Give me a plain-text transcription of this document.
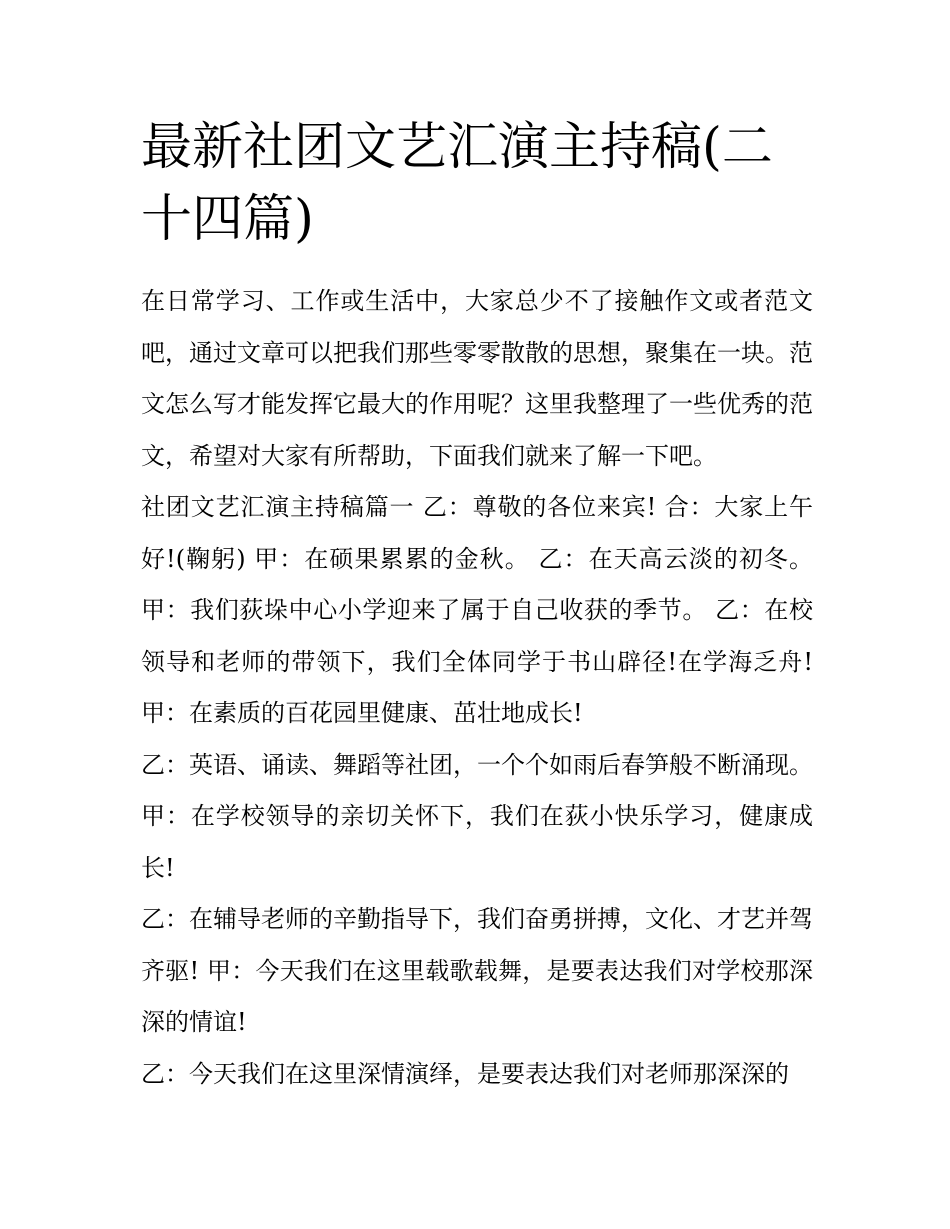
最新社团文艺汇演主持稿(二十四篇)

在日常学习、工作或生活中，大家总少不了接触作文或者范文吧，通过文章可以把我们那些零零散散的思想，聚集在一块。范文怎么写才能发挥它最大的作用呢？这里我整理了一些优秀的范文，希望对大家有所帮助，下面我们就来了解一下吧。

社团文艺汇演主持稿篇一 乙：尊敬的各位来宾! 合：大家上午好!(鞠躬) 甲：在硕果累累的金秋。 乙：在天高云淡的初冬。甲：我们荻垛中心小学迎来了属于自己收获的季节。 乙：在校领导和老师的带领下，我们全体同学于书山辟径!在学海乏舟! 甲：在素质的百花园里健康、茁壮地成长!

乙：英语、诵读、舞蹈等社团，一个个如雨后春笋般不断涌现。 甲：在学校领导的亲切关怀下，我们在荻小快乐学习，健康成长!

乙：在辅导老师的辛勤指导下，我们奋勇拼搏，文化、才艺并驾齐驱! 甲：今天我们在这里载歌载舞，是要表达我们对学校那深深的情谊!

乙：今天我们在这里深情演绎，是要表达我们对老师那深深的
